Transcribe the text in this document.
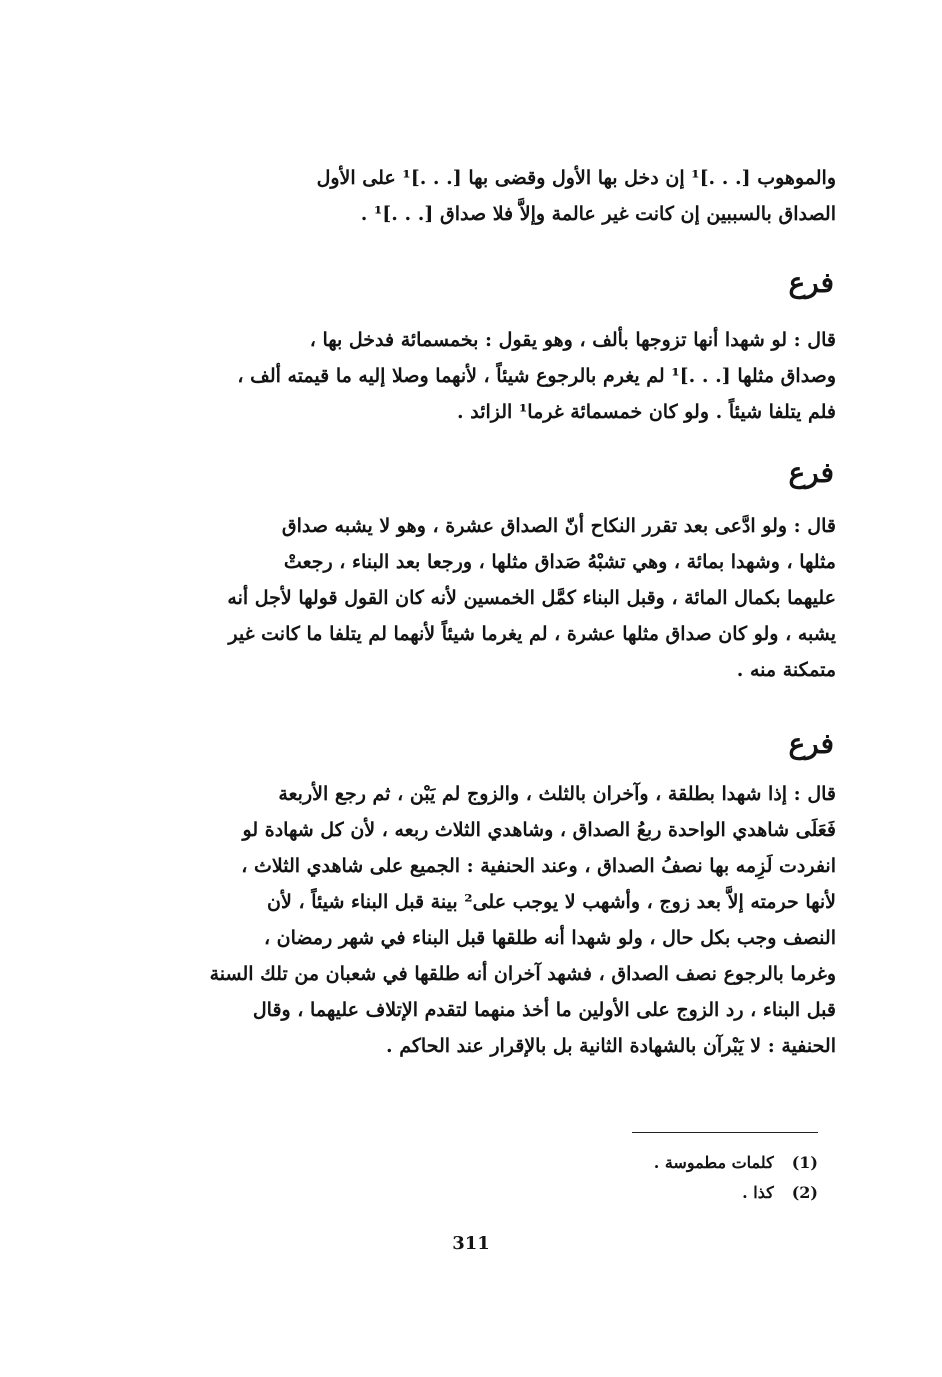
والموهوب [. . .]¹ إن دخل بها الأول وقضى بها [. . .]¹ على الأول

الصداق بالسببين إن كانت غير عالمة وإلاَّ فلا صداق [. . .]¹ .

فرع

قال : لو شهدا أنها تزوجها بألف ، وهو يقول : بخمسمائة فدخل بها ،

وصداق مثلها [. . .]¹ لم يغرم بالرجوع شيئاً ، لأنهما وصلا إليه ما قيمته ألف ،

فلم يتلفا شيئاً . ولو كان خمسمائة غرما¹ الزائد .

فرع

قال : ولو ادَّعى بعد تقرر النكاح أنّ الصداق عشرة ، وهو لا يشبه صداق

مثلها ، وشهدا بمائة ، وهي تشبْهُ صَداق مثلها ، ورجعا بعد البناء ، رجعتْ

عليهما بكمال المائة ، وقبل البناء كمَّل الخمسين لأنه كان القول قولها لأجل أنه

يشبه ، ولو كان صداق مثلها عشرة ، لم يغرما شيئاً لأنهما لم يتلفا ما كانت غير

متمكنة منه .

فرع

قال : إذا شهدا بطلقة ، وآخران بالثلث ، والزوج لم يَبْن ، ثم رجع الأربعة

فَعَلَى شاهدي الواحدة ربعُ الصداق ، وشاهدي الثلاث ربعه ، لأن كل شهادة لو

انفردت لَزِمه بها نصفُ الصداق ، وعند الحنفية : الجميع على شاهدي الثلاث ،

لأنها حرمته إلاَّ بعد زوج ، وأشهب لا يوجب على² بينة قبل البناء شيئاً ، لأن

النصف وجب بكل حال ، ولو شهدا أنه طلقها قبل البناء في شهر رمضان ،

وغرما بالرجوع نصف الصداق ، فشهد آخران أنه طلقها في شعبان من تلك السنة

قبل البناء ، رد الزوج على الأولين ما أخذ منهما لتقدم الإتلاف عليهما ، وقال

الحنفية : لا يَبْرآن بالشهادة الثانية بل بالإقرار عند الحاكم .

(1)
كلمات مطموسة .
(2)
كذا .
311
